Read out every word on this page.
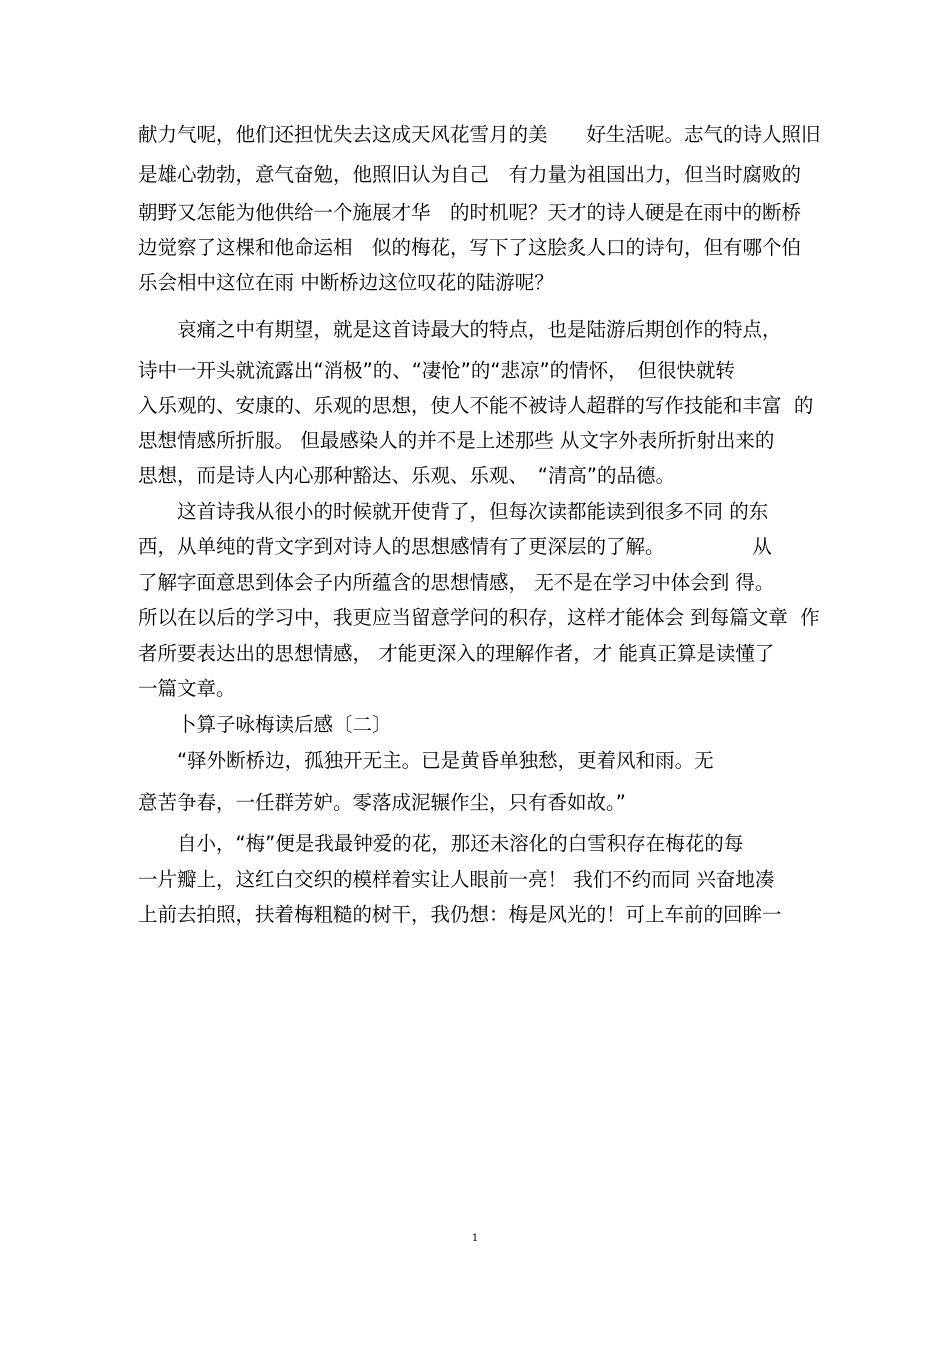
献力气呢，他们还担忧失去这成天风花雪月的美　　好生活呢。志气的诗人照旧
是雄心勃勃，意气奋勉，他照旧认为自己　有力量为祖国出力，但当时腐败的
朝野又怎能为他供给一个施展才华　的时机呢？天才的诗人硬是在雨中的断桥
边觉察了这棵和他命运相　似的梅花，写下了这脍炙人口的诗句，但有哪个伯
乐会相中这位在雨 中断桥边这位叹花的陆游呢？
　　哀痛之中有期望，就是这首诗最大的特点，也是陆游后期创作的特点，
诗中一开头就流露出“消极”的、“凄怆”的“悲凉”的情怀，　但很快就转
入乐观的、安康的、乐观的思想，使人不能不被诗人超群的写作技能和丰富  的
思想情感所折服。 但最感染人的并不是上述那些 从文字外表所折射出来的
思想，而是诗人内心那种豁达、乐观、乐观、　“清高”的品德。
　　这首诗我从很小的时候就开使背了，但每次读都能读到很多不同 的东
西，从单纯的背文字到对诗人的思想感情有了更深层的了解。　　　　　从
了解字面意思到体会子内所蕴含的思想情感， 无不是在学习中体会到 得。
所以在以后的学习中，我更应当留意学问的积存，这样才能体会 到每篇文章  作
者所要表达出的思想情感， 才能更深入的理解作者，才 能真正算是读懂了
一篇文章。
　　卜算子咏梅读后感〔二〕
　　“驿外断桥边，孤独开无主。已是黄昏单独愁，更着风和雨。无
意苦争春，一任群芳妒。零落成泥辗作尘，只有香如故。”
　　自小，“梅”便是我最钟爱的花，那还未溶化的白雪积存在梅花的每
一片瓣上，这红白交织的模样着实让人眼前一亮！ 我们不约而同 兴奋地凑
上前去拍照，扶着梅粗糙的树干，我仍想：梅是风光的！可上车前的回眸一
1
